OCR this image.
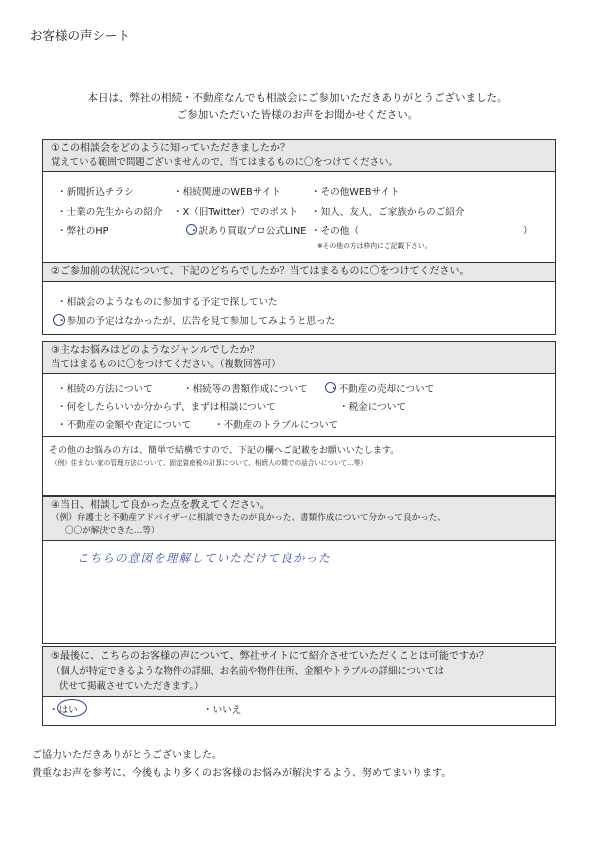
お客様の声シート
本日は、弊社の相続・不動産なんでも相談会にご参加いただきありがとうございました。
ご参加いただいた皆様のお声をお聞かせください。
①この相談会をどのように知っていただきましたか？
覚えている範囲で問題ございませんので、当てはまるものに〇をつけてください。
・新聞折込チラシ	・相続関連のWEBサイト	・その他WEBサイト
・士業の先生からの紹介 ・X（旧Twitter）でのポスト ・知人、友人、ご家族からのご紹介
・弊社のHP	・訳あり買取プロ公式LINE ・その他（	）
※その他の方は枠内にご記載下さい。
②ご参加前の状況について、下記のどちらでしたか？当てはまるものに〇をつけてください。
・相談会のようなものに参加する予定で探していた
・参加の予定はなかったが、広告を見て参加してみようと思った
③主なお悩みはどのようなジャンルでしたか？
当てはまるものに〇をつけてください。（複数回答可）
・相続の方法について	・相続等の書類作成について ・不動産の売却について
・何をしたらいいか分からず、まずは相談に
ついて	・税金について
・不動産の金額や査定について ・不動産のトラブルについて
その他のお悩みの方は、簡単で結構ですので、下記の欄へご記載をお願いいたします。
（例）住まない家の管理方法について、固定資産税の計算について、相続人の間での話合いについて…等）
④当日、相談して良かった点を教えてください。
（例）弁護士と不動産アドバイザーに相談できたのが良かった、書類作成について分かって良かった、
〇〇が解決できた…等）
こちらの意図を理解していただけて良かった
⑤最後に、こちらのお客様の声について、弊社サイトにて紹介させていただくことは可能ですか？
（個人が特定できるような物件の詳細、お名前や物件住所、金額やトラブルの詳細については
伏せて掲載させていただきます。）
・はい	・いいえ
ご協力いただきありがとうございました。
貴重なお声を参考に、今後もより多くのお客様のお悩みが解決するよう、努めてまいります。
